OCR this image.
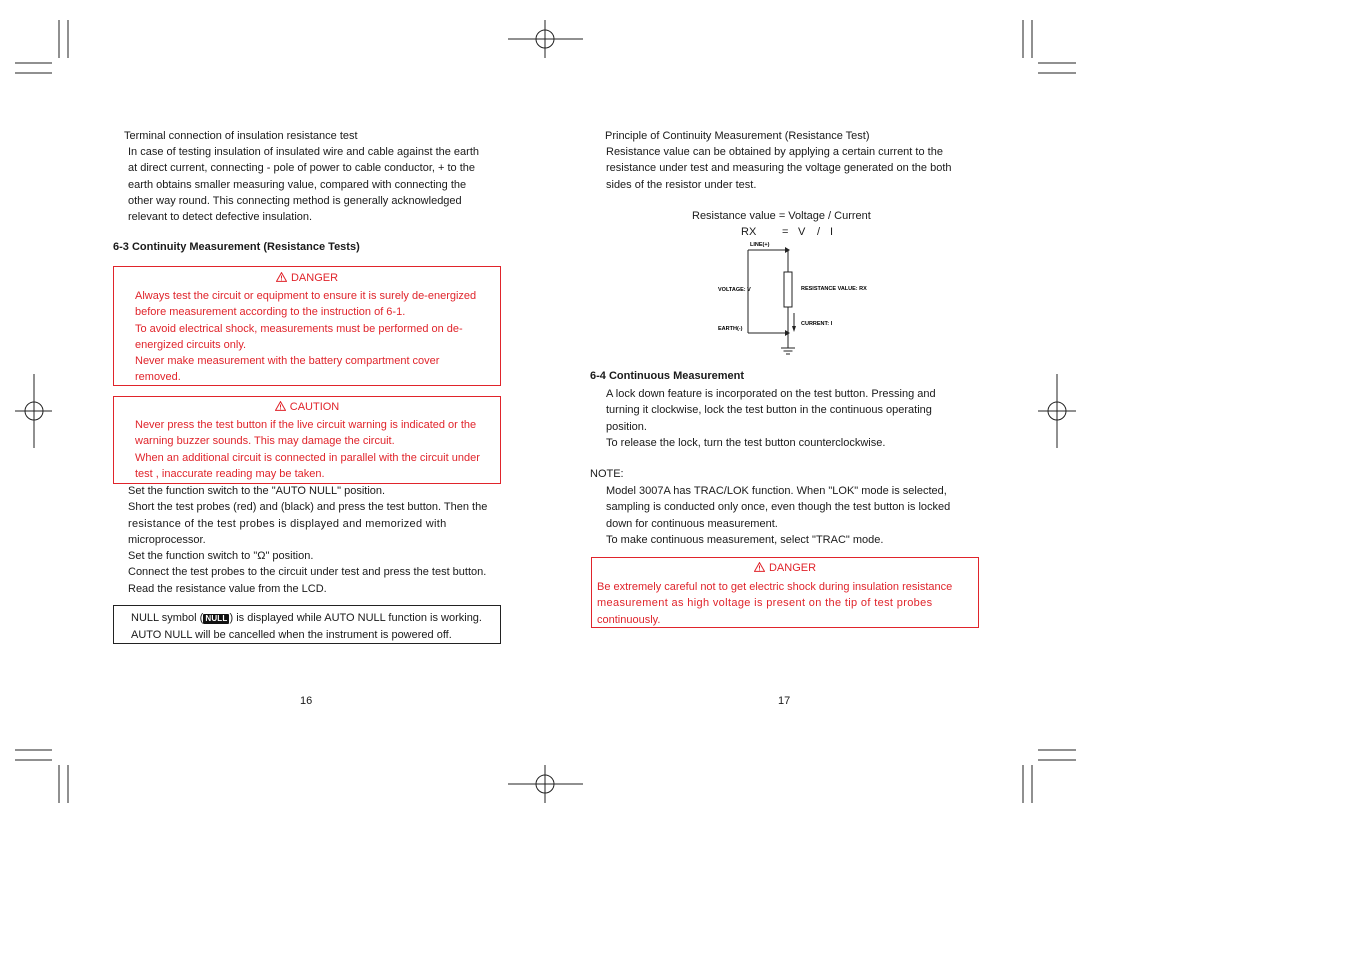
Terminal connection of insulation resistance test
In case of testing insulation of insulated wire and cable against the earth
at direct current, connecting - pole of power to cable conductor, + to the
earth obtains smaller measuring value, compared with connecting the
other way round. This connecting method is generally acknowledged
relevant to detect defective insulation.
6-3 Continuity Measurement (Resistance Tests)
DANGER
Always test the circuit or equipment to ensure it is surely de-energized
before measurement according to the instruction of 6-1.
To avoid electrical shock, measurements must be performed on de-
energized circuits only.
Never make measurement with the battery compartment cover
removed.
CAUTION
Never press the test button if the live circuit warning is indicated or the
warning buzzer sounds. This may damage the circuit.
When an additional circuit is connected in parallel with the circuit under
test , inaccurate reading may be taken.
Set the function switch to the "AUTO NULL" position.
Short the test probes (red) and (black) and press the test button. Then the
resistance of the test probes is displayed and memorized with
microprocessor.
Set the function switch to "Ω" position.
Connect the test probes to the circuit under test and press the test button.
Read the resistance value from the LCD.
NULL symbol ( NULL ) is displayed while AUTO NULL function is working.
AUTO NULL will be cancelled when the instrument is powered off.
16
Principle of Continuity Measurement (Resistance Test)
Resistance value can be obtained by applying a certain current to the
resistance under test and measuring the voltage generated on the both
sides of the resistor under test.
Resistance value = Voltage / Current
RX = V / I
LINE(+)
VOLTAGE: V	RESISTANCE VALUE: RX
CURRENT: I
EARTH(-)
6-4 Continuous Measurement
A lock down feature is incorporated on the test button. Pressing and
turning it clockwise, lock the test button in the continuous operating
position.
To release the lock, turn the test button counterclockwise.
NOTE:
Model 3007A has TRAC/LOK function. When "LOK" mode is selected,
sampling is conducted only once, even though the test button is locked
down for continuous measurement.
To make continuous measurement, select "TRAC" mode.
DANGER
Be extremely careful not to get electric shock during insulation resistance
measurement as high voltage is present on the tip of test probes
continuously.
17
